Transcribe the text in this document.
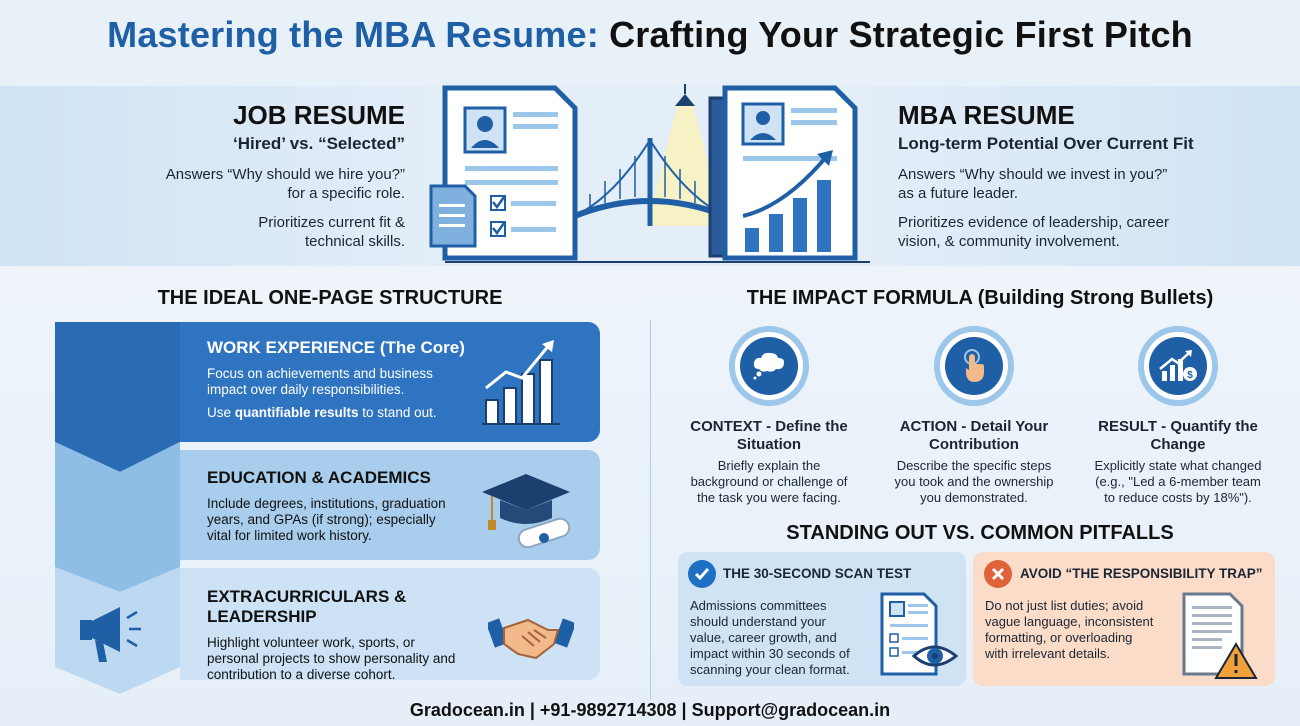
Mastering the MBA Resume: Crafting Your Strategic First Pitch
JOB RESUME
‘Hired’ vs. “Selected”
Answers “Why should we hire you?”
for a specific role.
Prioritizes current fit &
technical skills.
MBA RESUME
Long-term Potential Over Current Fit
Answers “Why should we invest in you?”
as a future leader.
Prioritizes evidence of leadership, career
vision, & community involvement.
THE IDEAL ONE-PAGE STRUCTURE
WORK EXPERIENCE (The Core)
Focus on achievements and business
impact over daily responsibilities.
Use quantifiable results to stand out.
EDUCATION & ACADEMICS
Include degrees, institutions, graduation
years, and GPAs (if strong); especially
vital for limited work history.
EXTRACURRICULARS & LEADERSHIP
Highlight volunteer work, sports, or
personal projects to show personality and
contribution to a diverse cohort.
THE IMPACT FORMULA (Building Strong Bullets)
CONTEXT - Define the
Situation
Briefly explain the
background or challenge of
the task you were facing.
ACTION - Detail Your
Contribution
Describe the specific steps
you took and the ownership
you demonstrated.
$
RESULT - Quantify the
Change
Explicitly state what changed
(e.g., "Led a 6-member team
to reduce costs by 18%").
STANDING OUT VS. COMMON PITFALLS
THE 30-SECOND SCAN TEST
Admissions committees
should understand your
value, career growth, and
impact within 30 seconds of
scanning your clean format.
AVOID “THE RESPONSIBILITY TRAP”
Do not just list duties; avoid
vague language, inconsistent
formatting, or overloading
with irrelevant details.
Gradocean.in | +91-9892714308 | Support@gradocean.in
